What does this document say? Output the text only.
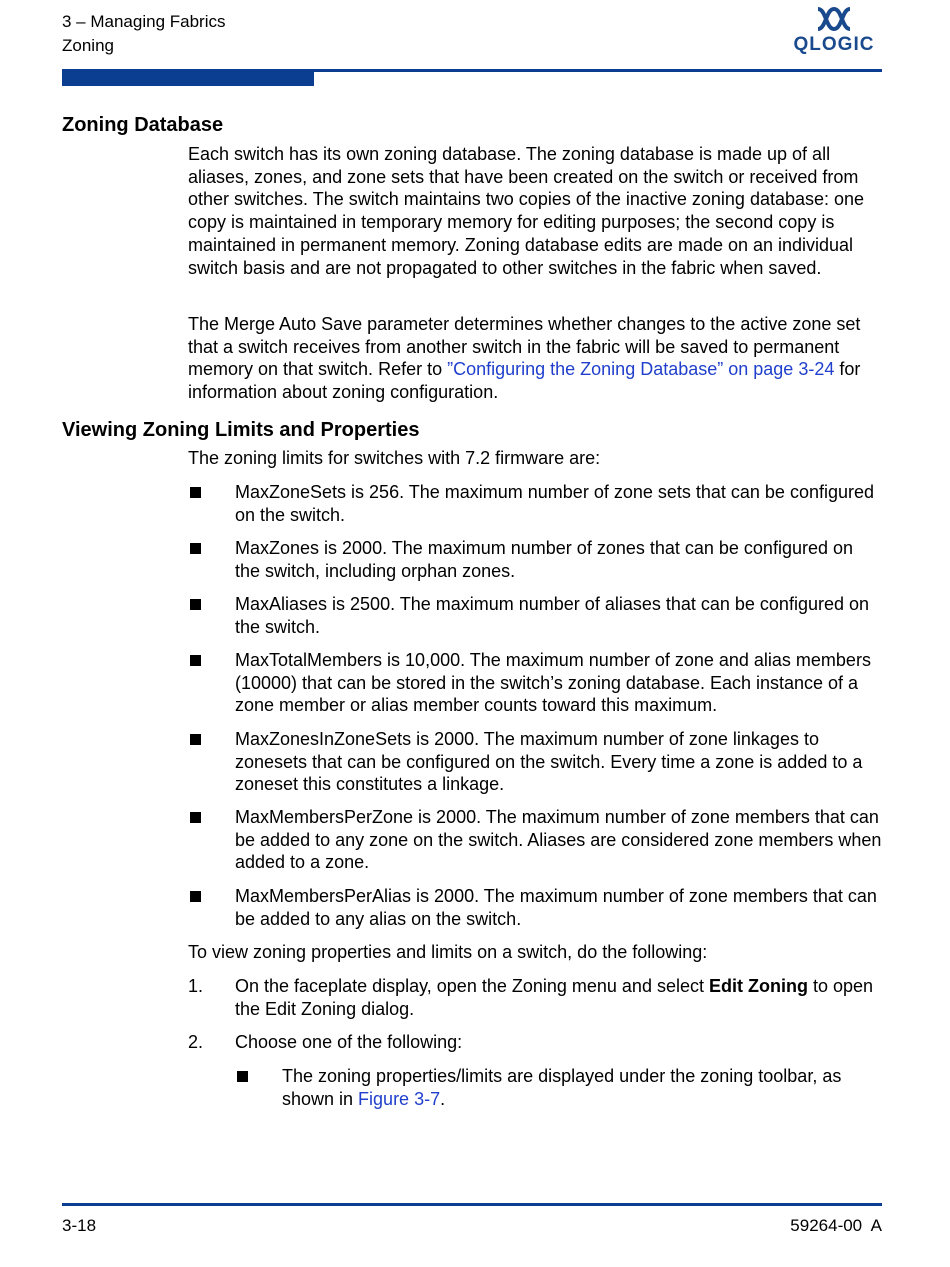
3 – Managing Fabrics
Zoning	QLOGIC
Zoning Database

Each switch has its own zoning database. The zoning database is made up of all aliases, zones, and zone sets that have been created on the switch or received from other switches. The switch maintains two copies of the inactive zoning database: one copy is maintained in temporary memory for editing purposes; the second copy is maintained in permanent memory. Zoning database edits are made on an individual switch basis and are not propagated to other switches in the fabric when saved.

The Merge Auto Save parameter determines whether changes to the active zone set that a switch receives from another switch in the fabric will be saved to permanent memory on that switch. Refer to ”Configuring the Zoning Database” on page 3-24 for information about zoning configuration.

Viewing Zoning Limits and Properties

The zoning limits for switches with 7.2 firmware are:

MaxZoneSets is 256. The maximum number of zone sets that can be configured on the switch.
MaxZones is 2000. The maximum number of zones that can be configured on the switch, including orphan zones.
MaxAliases is 2500. The maximum number of aliases that can be configured on the switch.
MaxTotalMembers is 10,000. The maximum number of zone and alias members (10000) that can be stored in the switch’s zoning database. Each instance of a zone member or alias member counts toward this maximum.
MaxZonesInZoneSets is 2000. The maximum number of zone linkages to zonesets that can be configured on the switch. Every time a zone is added to a zoneset this constitutes a linkage.
MaxMembersPerZone is 2000. The maximum number of zone members that can be added to any zone on the switch. Aliases are considered zone members when added to a zone.
MaxMembersPerAlias is 2000. The maximum number of zone members that can be added to any alias on the switch.

To view zoning properties and limits on a switch, do the following:

1. On the faceplate display, open the Zoning menu and select Edit Zoning to open the Edit Zoning dialog.
2. Choose one of the following:
The zoning properties/limits are displayed under the zoning toolbar, as shown in Figure 3-7.
3-18	59264-00  A
